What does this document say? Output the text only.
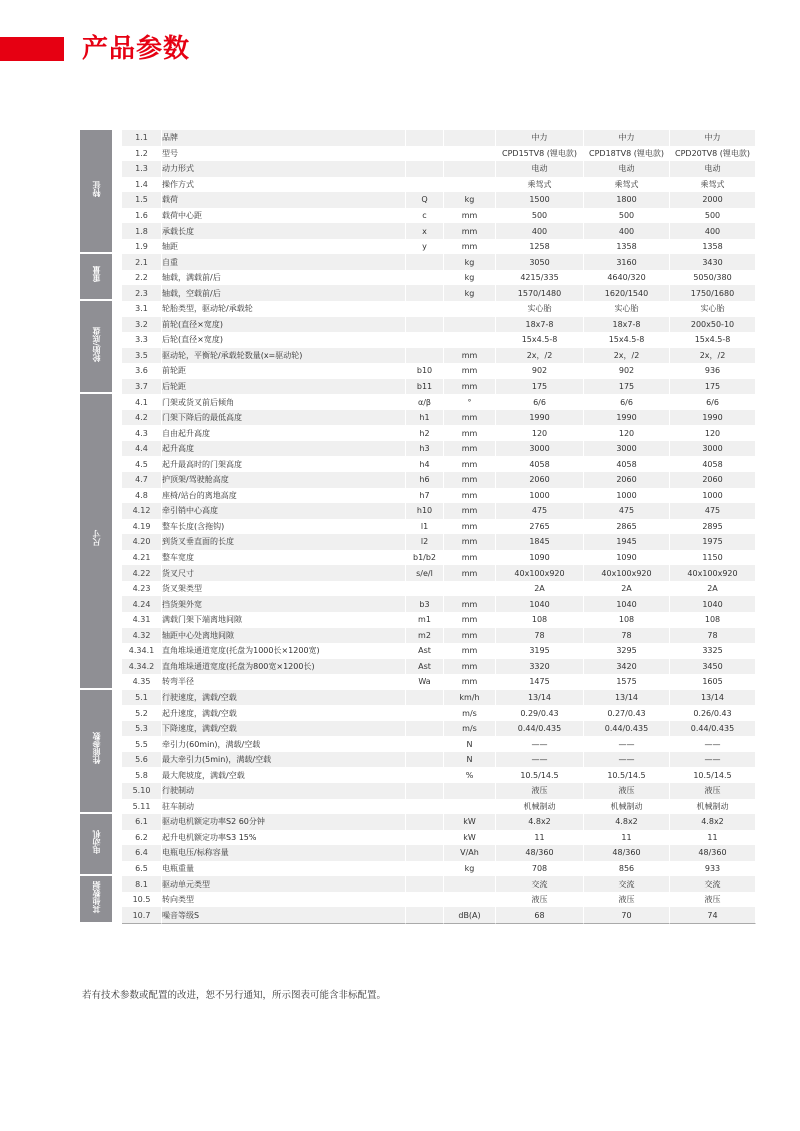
产品参数
特征		1.1	品牌			中力	中力	中力
		1.2	型号			CPD15TV8 (锂电款)	CPD18TV8 (锂电款)	CPD20TV8 (锂电款)
		1.3	动力形式			电动	电动	电动
		1.4	操作方式			乘驾式	乘驾式	乘驾式
		1.5	载荷	Q	kg	1500	1800	2000
		1.6	载荷中心距	c	mm	500	500	500
		1.8	承载长度	x	mm	400	400	400
		1.9	轴距	y	mm	1258	1358	1358
重量		2.1	自重		kg	3050	3160	3430
		2.2	轴载，满载前/后		kg	4215/335	4640/320	5050/380
		2.3	轴载，空载前/后		kg	1570/1480	1620/1540	1750/1680
轮胎/底盘		3.1	轮胎类型，驱动轮/承载轮			实心胎	实心胎	实心胎
		3.2	前轮(直径×宽度)			18x7-8	18x7-8	200x50-10
		3.3	后轮(直径×宽度)			15x4.5-8	15x4.5-8	15x4.5-8
		3.5	驱动轮，平衡轮/承载轮数量(x=驱动轮)		mm	2x，/2	2x，/2	2x，/2
		3.6	前轮距	b10	mm	902	902	936
		3.7	后轮距	b11	mm	175	175	175
尺寸		4.1	门架或货叉前后倾角	α/β	°	6/6	6/6	6/6
		4.2	门架下降后的最低高度	h1	mm	1990	1990	1990
		4.3	自由起升高度	h2	mm	120	120	120
		4.4	起升高度	h3	mm	3000	3000	3000
		4.5	起升最高时的门架高度	h4	mm	4058	4058	4058
		4.7	护顶架/驾驶舱高度	h6	mm	2060	2060	2060
		4.8	座椅/站台的离地高度	h7	mm	1000	1000	1000
		4.12	牵引销中心高度	h10	mm	475	475	475
		4.19	整车长度(含拖钩)	l1	mm	2765	2865	2895
		4.20	到货叉垂直面的长度	l2	mm	1845	1945	1975
		4.21	整车宽度	b1/b2	mm	1090	1090	1150
		4.22	货叉尺寸	s/e/l	mm	40x100x920	40x100x920	40x100x920
		4.23	货叉架类型			2A	2A	2A
		4.24	挡货架外宽	b3	mm	1040	1040	1040
		4.31	满载门架下端离地间隙	m1	mm	108	108	108
		4.32	轴距中心处离地间隙	m2	mm	78	78	78
		4.34.1	直角堆垛通道宽度(托盘为1000长×1200宽)	Ast	mm	3195	3295	3325
		4.34.2	直角堆垛通道宽度(托盘为800宽×1200长)	Ast	mm	3320	3420	3450
		4.35	转弯半径	Wa	mm	1475	1575	1605
性能参数		5.1	行驶速度，满载/空载		km/h	13/14	13/14	13/14
		5.2	起升速度，满载/空载		m/s	0.29/0.43	0.27/0.43	0.26/0.43
		5.3	下降速度，满载/空载		m/s	0.44/0.435	0.44/0.435	0.44/0.435
		5.5	牵引力(60min)，满载/空载		N	——	——	——
		5.6	最大牵引力(5min)，满载/空载		N	——	——	——
		5.8	最大爬坡度，满载/空载		%	10.5/14.5	10.5/14.5	10.5/14.5
		5.10	行驶制动			液压	液压	液压
		5.11	驻车制动			机械制动	机械制动	机械制动
电动机		6.1	驱动电机额定功率S2 60分钟		kW	4.8x2	4.8x2	4.8x2
		6.2	起升电机额定功率S3 15%		kW	11	11	11
		6.4	电瓶电压/标称容量		V/Ah	48/360	48/360	48/360
		6.5	电瓶重量		kg	708	856	933
其他数据		8.1	驱动单元类型			交流	交流	交流
		10.5	转向类型			液压	液压	液压
		10.7	噪音等级S		dB(A)	68	70	74
若有技术参数或配置的改进，恕不另行通知，所示图表可能含非标配置。
